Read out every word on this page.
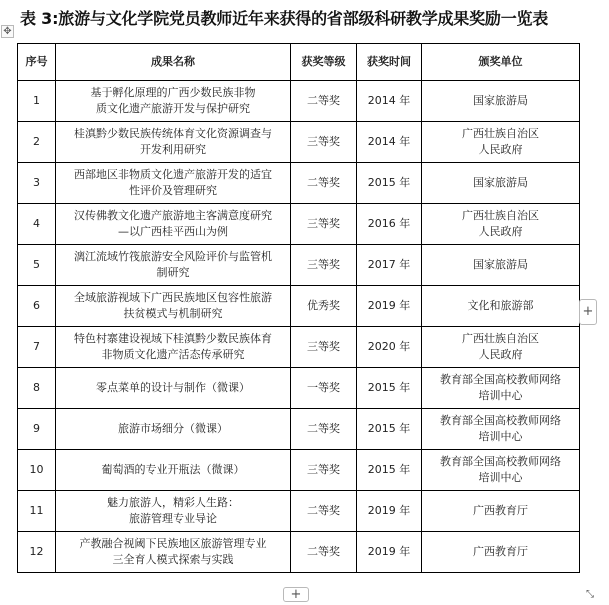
✥
表 3:旅游与文化学院党员教师近年来获得的省部级科研教学成果奖励一览表
序号	成果名称	获奖等级	获奖时间	颁奖单位
1	基于孵化原理的广西少数民族非物
质文化遗产旅游开发与保护研究	二等奖	2014 年	国家旅游局

2	桂滇黔少数民族传统体育文化资源调查与
开发利用研究	三等奖	2014 年	广西壮族自治区
人民政府

3	西部地区非物质文化遗产旅游开发的适宜
性评价及管理研究	二等奖	2015 年	国家旅游局

4	汉传佛教文化遗产旅游地主客满意度研究
—以广西桂平西山为例	三等奖	2016 年	广西壮族自治区
人民政府

5	漓江流域竹筏旅游安全风险评价与监管机
制研究	三等奖	2017 年	国家旅游局

6	全域旅游视域下广西民族地区包容性旅游
扶贫模式与机制研究	优秀奖	2019 年	文化和旅游部

7	特色村寨建设视域下桂滇黔少数民族体育
非物质文化遗产活态传承研究	三等奖	2020 年	广西壮族自治区
人民政府

8	零点菜单的设计与制作（微课）	一等奖	2015 年	教育部全国高校教师网络
培训中心

9	旅游市场细分（微课）	二等奖	2015 年	教育部全国高校教师网络
培训中心

10	葡萄酒的专业开瓶法（微课）	三等奖	2015 年	教育部全国高校教师网络
培训中心

11	魅力旅游人，精彩人生路：
旅游管理专业导论	二等奖	2019 年	广西教育厅

12	产教融合视阈下民族地区旅游管理专业
三全育人模式探索与实践	二等奖	2019 年	广西教育厅
+
+	⤡
